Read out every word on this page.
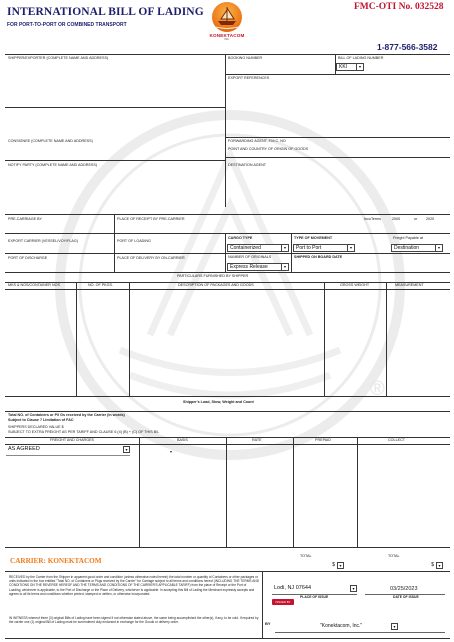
®
INTERNATIONAL BILL OF LADING
FOR PORT-TO-PORT OR COMBINED TRANSPORT
FMC-OTI No. 032528
1-877-566-3582
KONEKTACOM
INC.
SHIPPER/EXPORTER (COMPLETE NAME AND ADDRESS)	BOOKING NUMBER	BILL OF LADING NUMBER
KKI	▼
EXPORT REFERENCES
CONSIGNEE (COMPLETE NAME AND ADDRESS)	FORWARDING AGENT, F.M.C. NO
POINT AND COUNTRY OF ORIGIN OF GOODS
NOTIFY PARTY (COMPLETE NAME AND ADDRESS)	DESTINATION AGENT
PRE-CARRIAGE BY	PLACE OF RECEIPT BY PRE-CARRIER	IncoTerms	2000	or 2020
EXPORT CARRIER (VESSEL/VOY/FLAG)	PORT OF LOADING
CARGO TYPE
Containerized	▼
TYPE OF MOVEMENT
Port to Port	▼
Freight Payable at
Destination	▼
PORT OF DISCHARGE	PLACE OF DELIVERY BY ON-CARRIER	NUMBER OF ORIGINALS
Express Release	▼
SHIPPED ON BOARD DATE
PARTICULARS FURNISHED BY SHIPPER
MKS & NOS/CONTAINER NOS	NO. OF PKGS.	DESCRIPTION OF PACKAGES AND GOODS	GROSS WEIGHT	MEASUREMENT
Shipper's Load, Stow, Weight and Count
Total NO. of Containers or P/I Gs received by the Carrier (in words)
Subject to Clause 7 Limitation of FAC
SHIPPERS DECLARED VALUE $
SUBJECT TO EXTRA FREIGHT AS PER TARIFF AND CLAUSE 6 (4) (B) + (C) OF THIS B/L
FREIGHT AND CHARGES	BASIS	RATE	PREPAID	COLLECT
AS AGREED	▼	▾
CARRIER: KONEKTACOM
TOTAL
$	▼
TOTAL
$	▼
RECEIVED by the Carrier from the Shipper in apparent good order and condition (unless otherwise noted herein) the total number or quantity of Containers or other packages or units indicated in the box entitled "Total NO. of Containers or Pkgs received by the Carrier" for Carriage subject to all terms and conditions hereof (INCLUDING THE TERMS AND CONDITIONS ON THE REVERSE HEREOF AND THE TERMS AND CONDITIONS OF THE CARRIER'S APPLICABLE TARIFF) from the place of Receipt or the Port of Loading, whichever is applicable, to the Port of Discharge or the Place of Delivery, whichever is applicable. In accepting this Bill of Lading the Merchant expressly accepts and agrees to all its terms and conditions whether printed, stamped or written, or otherwise incorporated.
IN WITNESS whereof three (3) original Bills of Lading have been signed if not otherwise stated above, the same being accomplished the other(s), if any, to be void. If required by the carrier one (1) original Bill of Lading must be surrendered duly endorsed in exchange for the Goods or delivery order.
Lodi, NJ 07644	▼
PLACE OF ISSUE
ISSUED BY
03/25/2023
DATE OF ISSUE
BY	"Konektacom, Inc."	▼
